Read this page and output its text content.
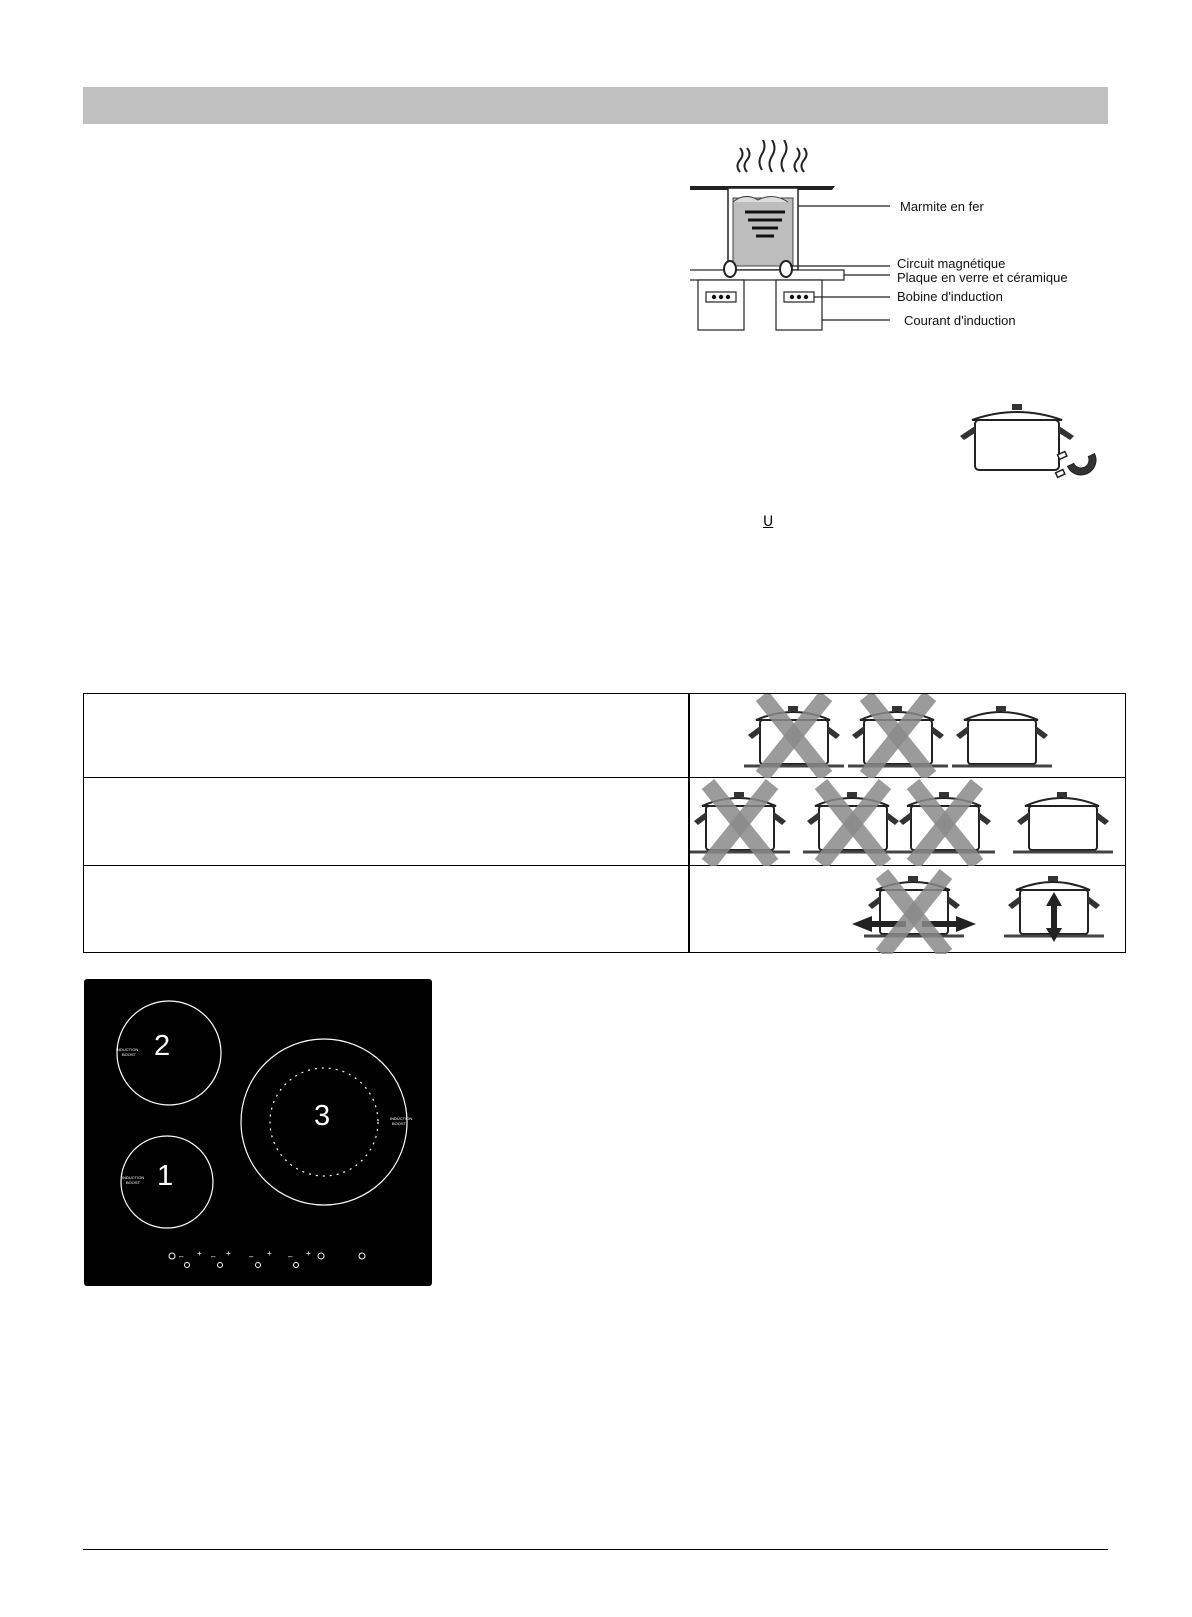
Marmite en fer
Circuit magnétique
Plaque en verre et céramique
Bobine d'induction
Courant d'induction
U
INDUCTION
BOOST
INDUCTION
BOOST
INDUCTION
BOOST
– + – + – + – +
2
3
1
